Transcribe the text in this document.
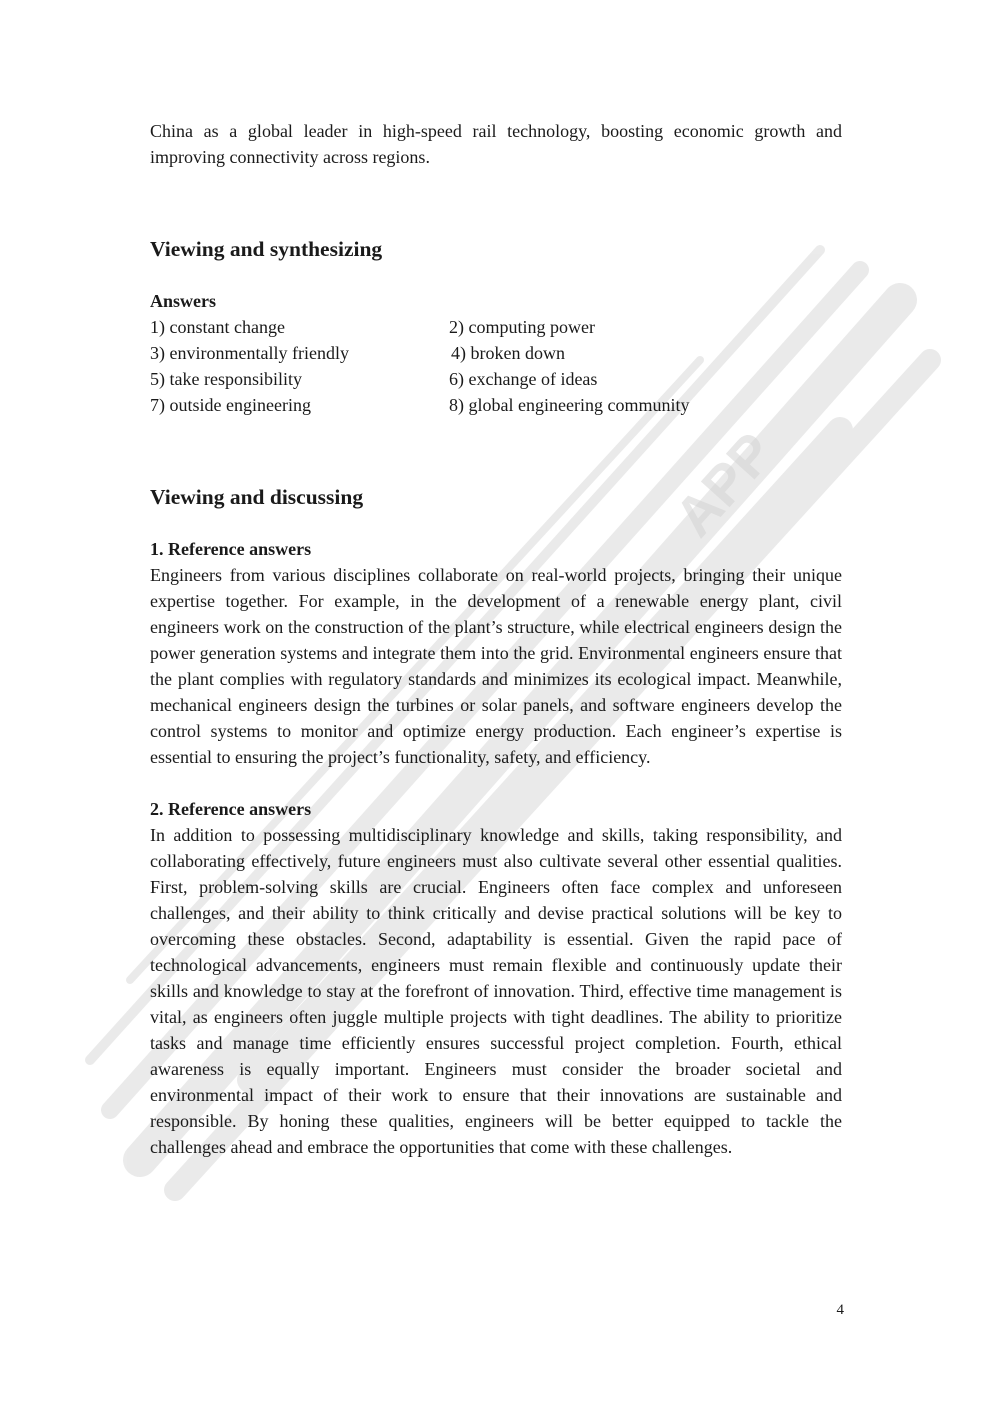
APP

China as a global leader in high-speed rail technology, boosting economic growth and improving connectivity across regions.

Viewing and synthesizing
Answers
1) constant change	2) computing power
3) environmentally friendly	4) broken down
5) take responsibility	6) exchange of ideas
7) outside engineering	8) global engineering community
Viewing and discussing
1. Reference answers

Engineers from various disciplines collaborate on real-world projects, bringing their unique expertise together. For example, in the development of a renewable energy plant, civil engineers work on the construction of the plant’s structure, while electrical engineers design the power generation systems and integrate them into the grid. Environmental engineers ensure that the plant complies with regulatory standards and minimizes its ecological impact. Meanwhile, mechanical engineers design the turbines or solar panels, and software engineers develop the control systems to monitor and optimize energy production. Each engineer’s expertise is essential to ensuring the project’s functionality, safety, and efficiency.

2. Reference answers

In addition to possessing multidisciplinary knowledge and skills, taking responsibility, and collaborating effectively, future engineers must also cultivate several other essential qualities. First, problem-solving skills are crucial. Engineers often face complex and unforeseen challenges, and their ability to think critically and devise practical solutions will be key to overcoming these obstacles. Second, adaptability is essential. Given the rapid pace of technological advancements, engineers must remain flexible and continuously update their skills and knowledge to stay at the forefront of innovation. Third, effective time management is vital, as engineers often juggle multiple projects with tight deadlines. The ability to prioritize tasks and manage time efficiently ensures successful project completion. Fourth, ethical awareness is equally important. Engineers must consider the broader societal and environmental impact of their work to ensure that their innovations are sustainable and responsible. By honing these qualities, engineers will be better equipped to tackle the challenges ahead and embrace the opportunities that come with these challenges.

4
